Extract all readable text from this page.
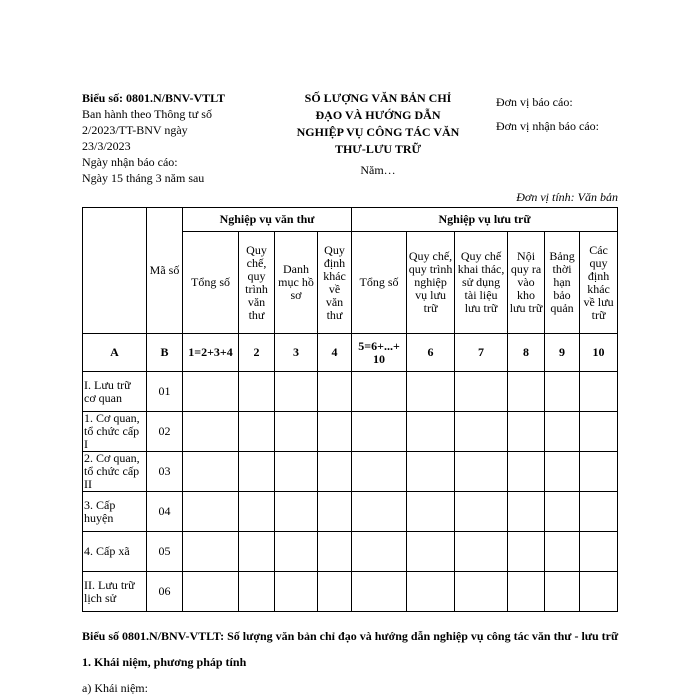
Biểu số: 0801.N/BNV-VTLT
Ban hành theo Thông tư số
2/2023/TT-BNV ngày
23/3/2023
Ngày nhận báo cáo:
Ngày 15 tháng 3 năm sau
SỐ LƯỢNG VĂN BẢN CHỈ
ĐẠO VÀ HƯỚNG DẪN
NGHIỆP VỤ CÔNG TÁC VĂN
THƯ-LƯU TRỮ
Năm…
Đơn vị báo cáo:
Đơn vị nhận báo cáo:
Đơn vị tính: Văn bản
	Mã số	Nghiệp vụ văn thư				Nghiệp vụ lưu trữ					
		Tổng số	Quy chế, quy trình văn thư	Danh mục hồ sơ	Quy định khác về văn thư	Tổng số	Quy chế, quy trình nghiệp vụ lưu trữ	Quy chế khai thác, sử dụng tài liệu lưu trữ	Nội quy ra vào kho lưu trữ	Bảng thời hạn bảo quản	Các quy định khác về lưu trữ
A	B	1=2+3+4	2	3	4	5=6+...+ 10	6	7	8	9	10
I. Lưu trữ cơ quan	01										
1. Cơ quan, tổ chức cấp I	02										
2. Cơ quan, tổ chức cấp II	03										
3. Cấp huyện	04										
4. Cấp xã	05										
II. Lưu trữ lịch sử	06										
Biểu số 0801.N/BNV-VTLT: Số lượng văn bản chỉ đạo và hướng dẫn nghiệp vụ công tác văn thư - lưu trữ
1. Khái niệm, phương pháp tính
a) Khái niệm:
